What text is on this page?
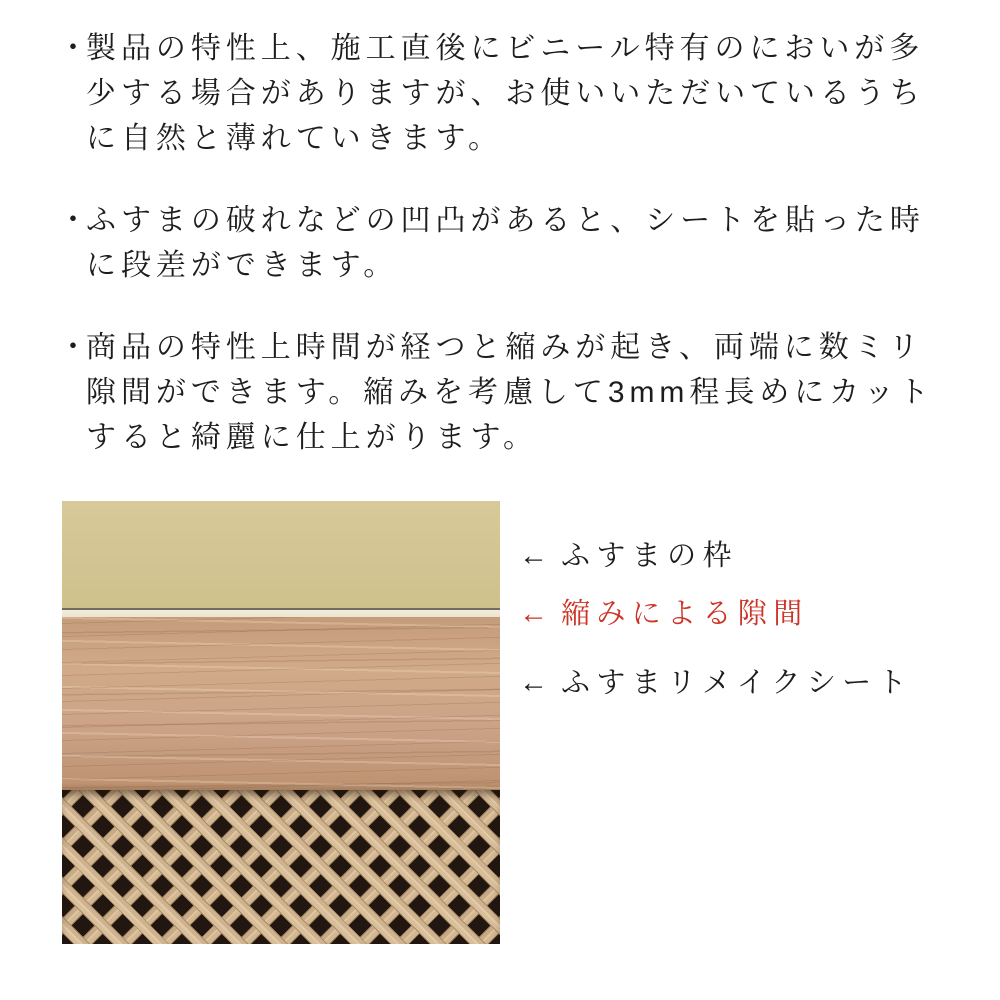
・
製品の特性上、施工直後にビニール特有のにおいが多少する場合がありますが、お使いいただいているうちに自然と薄れていきます。
・
ふすまの破れなどの凹凸があると、シートを貼った時に段差ができます。
・
商品の特性上時間が経つと縮みが起き、両端に数ミリ隙間ができます。縮みを考慮して3mm程長めにカットすると綺麗に仕上がります。
← ふすまの枠
← 縮みによる隙間
← ふすまリメイクシート
